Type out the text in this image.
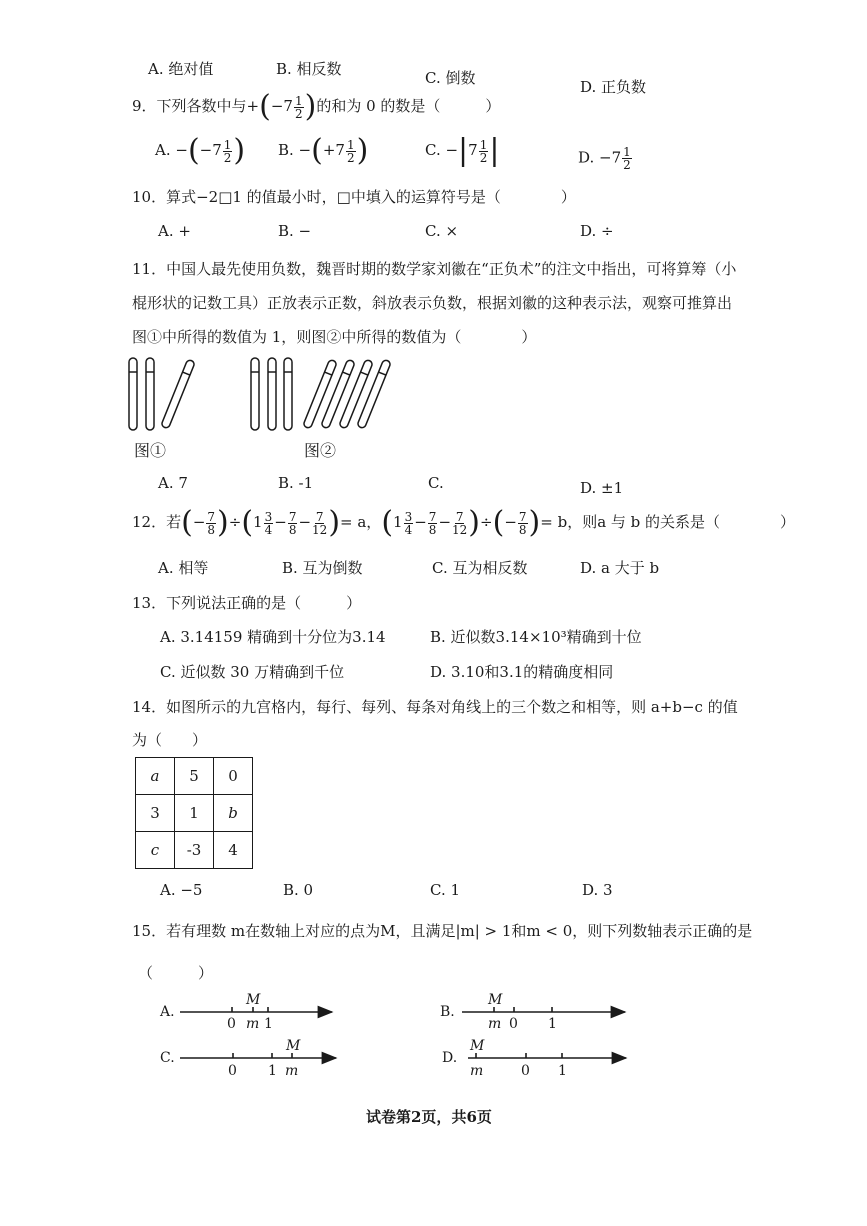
A. 绝对值	B. 相反数	C. 倒数	D. 正负数
9．下列各数中与$+(-7 \frac{1}{2}$ )的和为 0 的数是（　　　）
A. $-(-7 \frac{1}{2}$ ) B. $-(+7 \frac{1}{2}$ )	C. $-|7 \frac{1}{2}$ |	D. $-7 \frac{1}{2}$
10．算式−2□1 的值最小时，□中填入的运算符号是（　　　　）
A. +	B. −	C. ×	D. ÷
11．中国人最先使用负数，魏晋时期的数学家刘徽在“正负术”的注文中指出，可将算筹（小
棍形状的记数工具）正放表示正数，斜放表示负数，根据刘徽的这种表示法，观察可推算出
图①中所得的数值为 1，则图②中所得的数值为（　　　　）
图①	图②
A. 7	B. -1	C.	D. ±1
12．若(− $\frac{7}{8} )\div(1 \frac{3}{4} - \frac{7}{8} - \frac{7}{12}$ )= a，($1 \frac{3}{4} - \frac{7}{8} - \frac{7}{12}$ )÷(− $\frac{7}{8}$ )= b，则a 与 b 的关系是（　　　　）
A. 相等	B. 互为倒数	C. 互为相反数	D. a 大于 b
13．下列说法正确的是（　　　）
A. 3.14159 精确到十分位为3.14	B. 近似数3.14×10³精确到十位
C. 近似数 30 万精确到千位	D. 3.10和3.1的精确度相同
14．如图所示的九宫格内，每行、每列、每条对角线上的三个数之和相等，则 a+b−c 的值
为（　　）
a	5	0
3	1	b
c	-3	4
A. −5	B. 0	C. 1	D. 3
15．若有理数 m在数轴上对应的点为M，且满足|m| > 1和m < 0，则下列数轴表示正确的是
（　　　）
A.
M
0 m 1
B.
M
m 0 1
C.
M
0 1 m
D.
M
m	0 1
试卷第2页，共6页
